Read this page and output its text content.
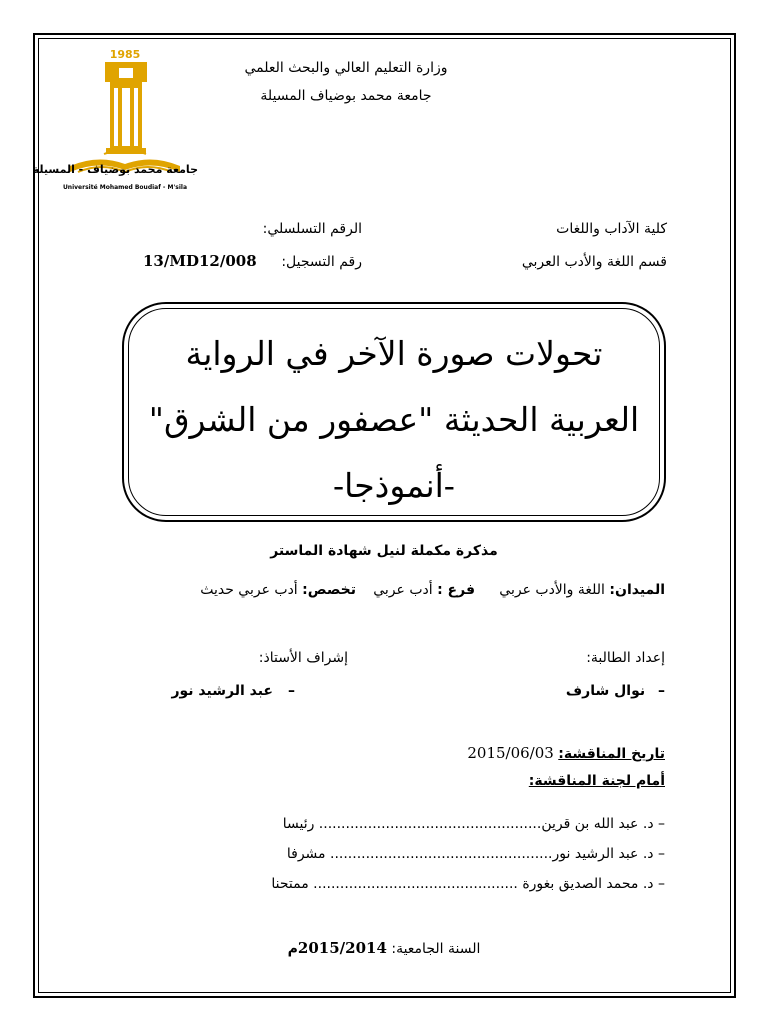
1985
جامعة محمد بوضياف - المسيلة
Université Mohamed Boudiaf - M'sila
وزارة التعليم العالي والبحث العلمي
جامعة محمد بوضياف المسيلة
كلية الآداب واللغات
قسم اللغة والأدب العربي
الرقم التسلسلي:
رقم التسجيل:
13/MD12/008
تحولات صورة الآخر في الرواية
العربية الحديثة "عصفور من الشرق"
-أنموذجا-
مذكرة مكملة لنيل شهادة الماستر
الميدان: اللغة والأدب عربي
فرع : أدب عربي
تخصص: أدب عربي حديث
إعداد الطالبة:
– نوال شارف
إشراف الأستاذ:
عبد الرشيد نور –
تاريخ المناقشة: 2015/06/03
أمام لجنة المناقشة:
– د. عبد الله بن قرين.................................................. رئيسا
– د. عبد الرشيد نور.................................................. مشرفا
– د. محمد الصديق بغورة .............................................. ممتحنا
السنة الجامعية: 2015/2014م
